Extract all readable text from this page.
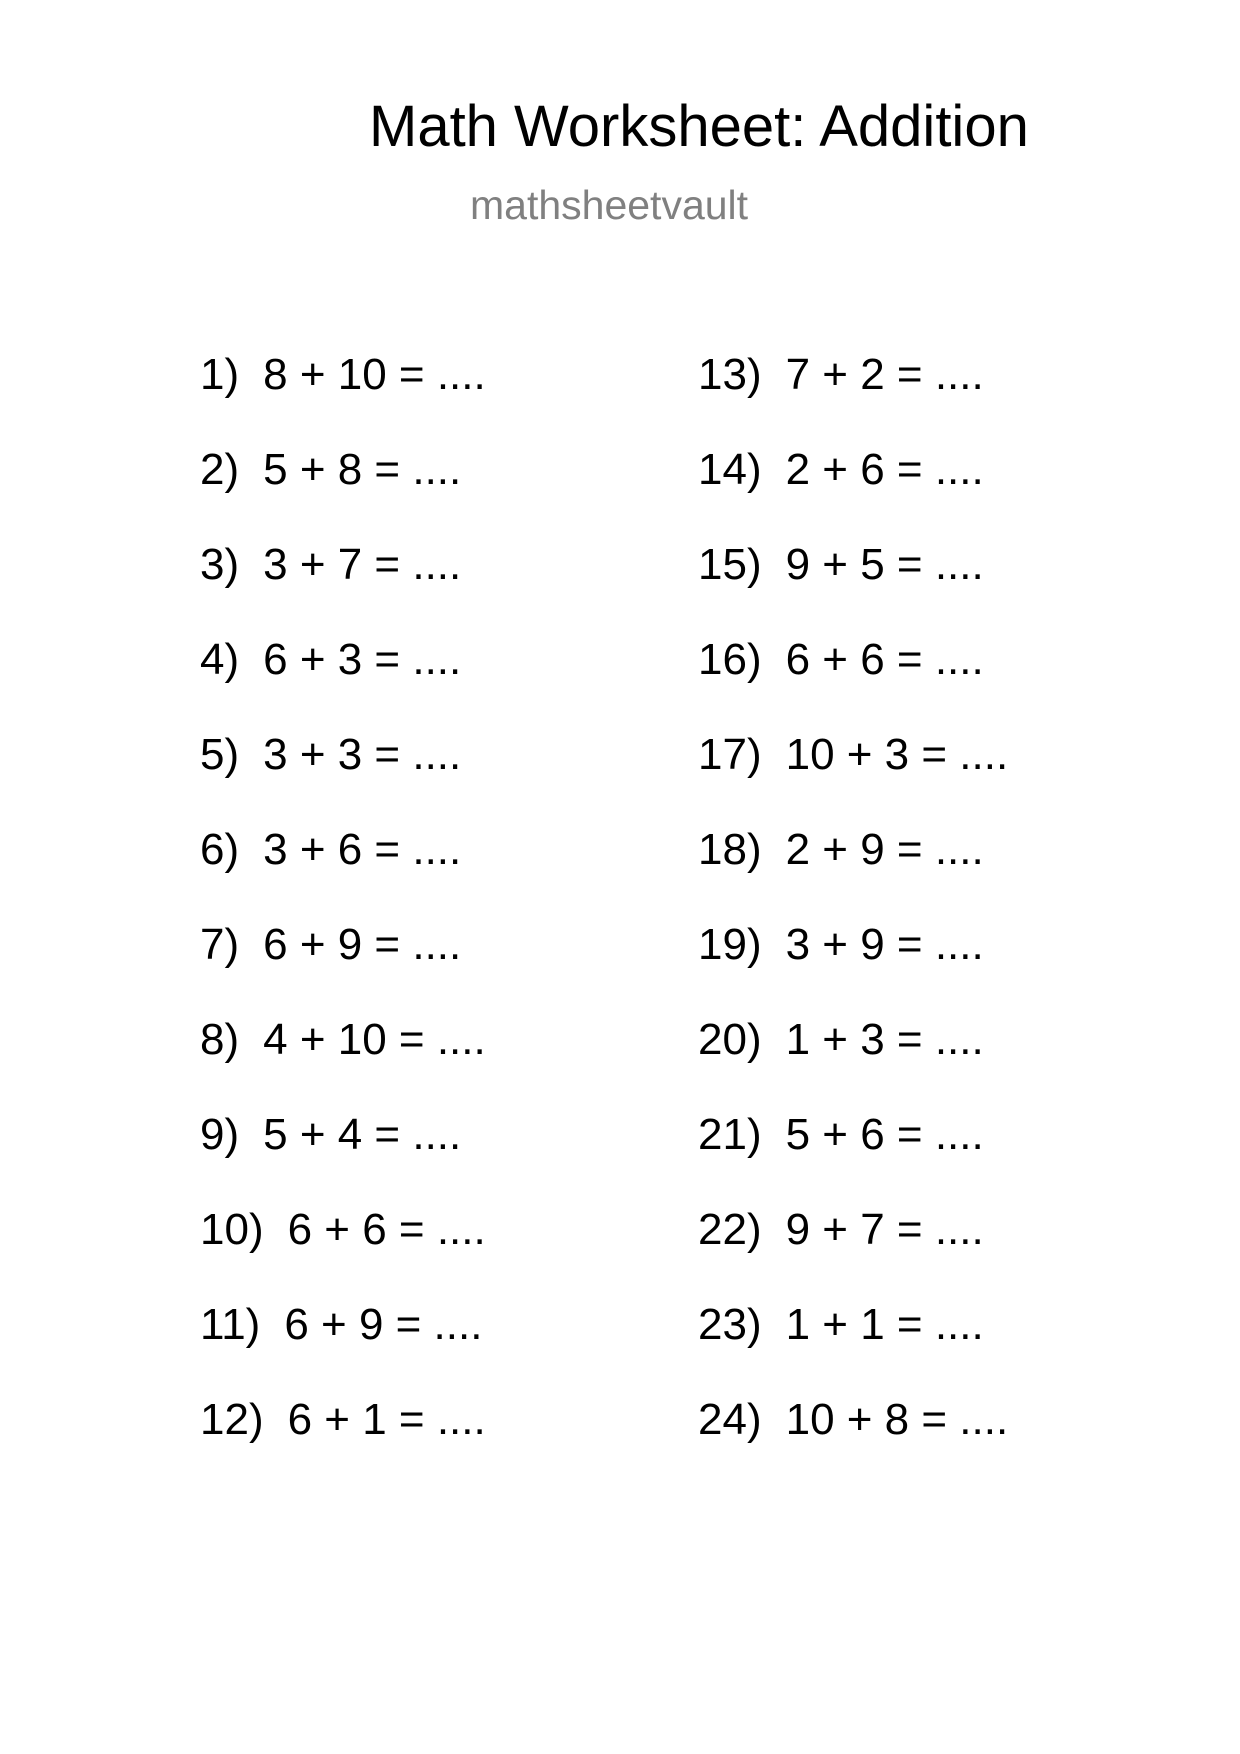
Math Worksheet: Addition
mathsheetvault
1) 8 + 10 = ....
2) 5 + 8 = ....
3) 3 + 7 = ....
4) 6 + 3 = ....
5) 3 + 3 = ....
6) 3 + 6 = ....
7) 6 + 9 = ....
8) 4 + 10 = ....
9) 5 + 4 = ....
10) 6 + 6 = ....
11) 6 + 9 = ....
12) 6 + 1 = ....
13) 7 + 2 = ....
14) 2 + 6 = ....
15) 9 + 5 = ....
16) 6 + 6 = ....
17) 10 + 3 = ....
18) 2 + 9 = ....
19) 3 + 9 = ....
20) 1 + 3 = ....
21) 5 + 6 = ....
22) 9 + 7 = ....
23) 1 + 1 = ....
24) 10 + 8 = ....
